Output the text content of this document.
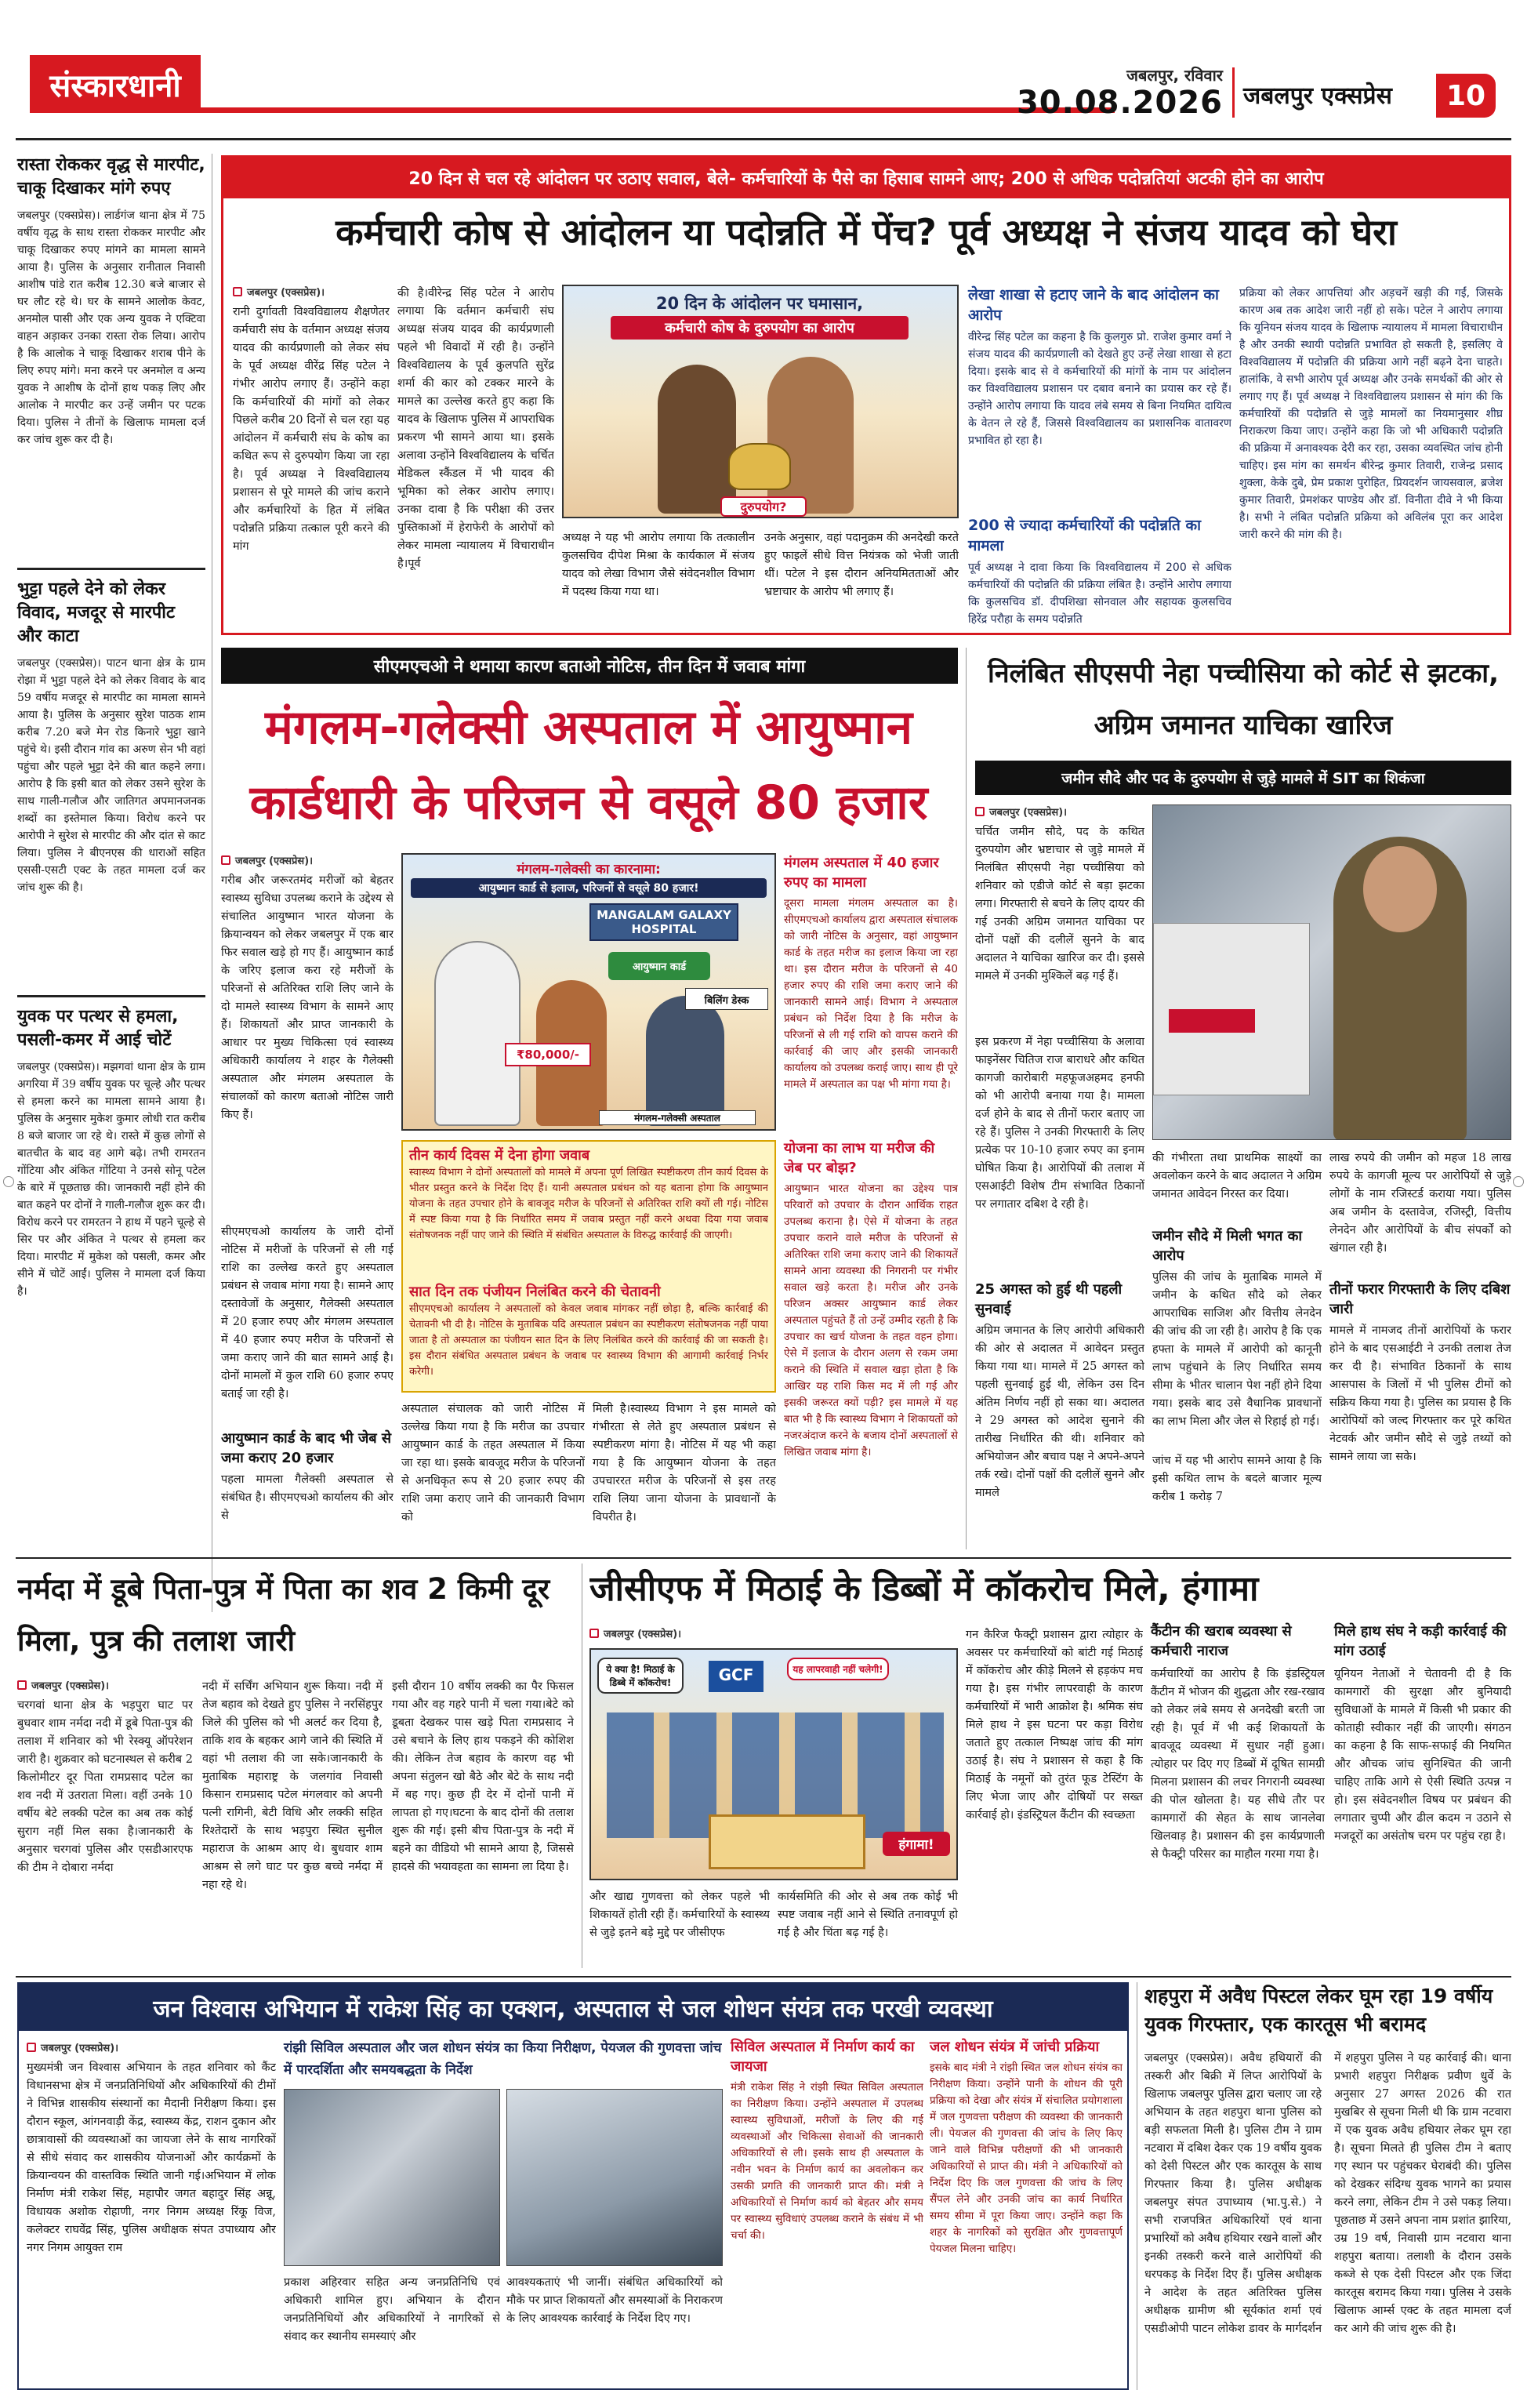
संस्कारधानी	जबलपुर, रविवार
30.08.2026 जबलपुर एक्सप्रेस	10
रास्ता रोककर वृद्ध से मारपीट, चाकू दिखाकर मांगे रुपए
जबलपुर (एक्सप्रेस)। लार्डगंज थाना क्षेत्र में 75 वर्षीय वृद्ध के साथ रास्ता रोककर मारपीट और चाकू दिखाकर रुपए मांगने का मामला सामने आया है। पुलिस के अनुसार रानीताल निवासी आशीष पांडे रात करीब 12.30 बजे बाजार से घर लौट रहे थे। घर के सामने आलोक केवट, अनमोल पासी और एक अन्य युवक ने एक्टिवा वाहन अड़ाकर उनका रास्ता रोक लिया। आरोप है कि आलोक ने चाकू दिखाकर शराब पीने के लिए रुपए मांगे। मना करने पर अनमोल व अन्य युवक ने आशीष के दोनों हाथ पकड़ लिए और आलोक ने मारपीट कर उन्हें जमीन पर पटक दिया। पुलिस ने तीनों के खिलाफ मामला दर्ज कर जांच शुरू कर दी है।
भुट्टा पहले देने को लेकर विवाद, मजदूर से मारपीट और काटा
जबलपुर (एक्सप्रेस)। पाटन थाना क्षेत्र के ग्राम रोझा में भुट्टा पहले देने को लेकर विवाद के बाद 59 वर्षीय मजदूर से मारपीट का मामला सामने आया है। पुलिस के अनुसार सुरेश पाठक शाम करीब 7.20 बजे मेन रोड किनारे भुट्टा खाने पहुंचे थे। इसी दौरान गांव का अरुण सेन भी वहां पहुंचा और पहले भुट्टा देने की बात कहने लगा। आरोप है कि इसी बात को लेकर उसने सुरेश के साथ गाली-गलौज और जातिगत अपमानजनक शब्दों का इस्तेमाल किया। विरोध करने पर आरोपी ने सुरेश से मारपीट की और दांत से काट लिया। पुलिस ने बीएनएस की धाराओं सहित एससी-एसटी एक्ट के तहत मामला दर्ज कर जांच शुरू की है।
युवक पर पत्थर से हमला, पसली-कमर में आई चोटें
जबलपुर (एक्सप्रेस)। मझगवां थाना क्षेत्र के ग्राम अगरिया में 39 वर्षीय युवक पर चूल्हे और पत्थर से हमला करने का मामला सामने आया है। पुलिस के अनुसार मुकेश कुमार लोधी रात करीब 8 बजे बाजार जा रहे थे। रास्ते में कुछ लोगों से बातचीत के बाद वह आगे बढ़े। तभी रामरतन गोंटिया और अंकित गोंटिया ने उनसे सोनू पटेल के बारे में पूछताछ की। जानकारी नहीं होने की बात कहने पर दोनों ने गाली-गलौज शुरू कर दी। विरोध करने पर रामरतन ने हाथ में पहने चूल्हे से सिर पर और अंकित ने पत्थर से हमला कर दिया। मारपीट में मुकेश को पसली, कमर और सीने में चोटें आईं। पुलिस ने मामला दर्ज किया है।
20 दिन से चल रहे आंदोलन पर उठाए सवाल, बेले- कर्मचारियों के पैसे का हिसाब सामने आए; 200 से अधिक पदोन्नतियां अटकी होने का आरोप
कर्मचारी कोष से आंदोलन या पदोन्नति में पेंच? पूर्व अध्यक्ष ने संजय यादव को घेरा
जबलपुर (एक्सप्रेस)।
रानी दुर्गावती विश्वविद्यालय शैक्षणेतर कर्मचारी संघ के वर्तमान अध्यक्ष संजय यादव की कार्यप्रणाली को लेकर संघ के पूर्व अध्यक्ष वीरेंद्र सिंह पटेल ने गंभीर आरोप लगाए हैं। उन्होंने कहा कि कर्मचारियों की मांगों को लेकर पिछले करीब 20 दिनों से चल रहा यह आंदोलन में कर्मचारी संघ के कोष का कथित रूप से दुरुपयोग किया जा रहा है। पूर्व अध्यक्ष ने विश्वविद्यालय प्रशासन से पूरे मामले की जांच कराने और कर्मचारियों के हित में लंबित पदोन्नति प्रक्रिया तत्काल पूरी करने की मांग
की है।वीरेन्द्र सिंह पटेल ने आरोप लगाया कि वर्तमान कर्मचारी संघ अध्यक्ष संजय यादव की कार्यप्रणाली पहले भी विवादों में रही है। उन्होंने विश्वविद्यालय के पूर्व कुलपति सुरेंद्र शर्मा की कार को टक्कर मारने के मामले का उल्लेख करते हुए कहा कि यादव के खिलाफ पुलिस में आपराधिक प्रकरण भी सामने आया था। इसके अलावा उन्होंने विश्वविद्यालय के चर्चित मेडिकल स्कैंडल में भी यादव की भूमिका को लेकर आरोप लगाए। उनका दावा है कि परीक्षा की उत्तर पुस्तिकाओं में हेराफेरी के आरोपों को लेकर मामला न्यायालय में विचाराधीन है।पूर्व
20 दिन के आंदोलन पर घमासान,
कर्मचारी कोष के दुरुपयोग का आरोप
दुरुपयोग?
अध्यक्ष ने यह भी आरोप लगाया कि तत्कालीन कुलसचिव दीपेश मिश्रा के कार्यकाल में संजय यादव को लेखा विभाग जैसे संवेदनशील विभाग में पदस्थ किया गया था।
उनके अनुसार, वहां पदानुक्रम की अनदेखी करते हुए फाइलें सीधे वित्त नियंत्रक को भेजी जाती थीं। पटेल ने इस दौरान अनियमितताओं और भ्रष्टाचार के आरोप भी लगाए हैं।
लेखा शाखा से हटाए जाने के बाद आंदोलन का आरोप
वीरेन्द्र सिंह पटेल का कहना है कि कुलगुरु प्रो. राजेश कुमार वर्मा ने संजय यादव की कार्यप्रणाली को देखते हुए उन्हें लेखा शाखा से हटा दिया। इसके बाद से वे कर्मचारियों की मांगों के नाम पर आंदोलन कर विश्वविद्यालय प्रशासन पर दबाव बनाने का प्रयास कर रहे हैं। उन्होंने आरोप लगाया कि यादव लंबे समय से बिना नियमित दायित्व के वेतन ले रहे हैं, जिससे विश्वविद्यालय का प्रशासनिक वातावरण प्रभावित हो रहा है।
200 से ज्यादा कर्मचारियों की पदोन्नति का मामला
पूर्व अध्यक्ष ने दावा किया कि विश्वविद्यालय में 200 से अधिक कर्मचारियों की पदोन्नति की प्रक्रिया लंबित है। उन्होंने आरोप लगाया कि कुलसचिव डॉ. दीपशिखा सोनवाल और सहायक कुलसचिव हिरेंद्र परौहा के समय पदोन्नति
प्रक्रिया को लेकर आपत्तियां और अड़चनें खड़ी की गईं, जिसके कारण अब तक आदेश जारी नहीं हो सके। पटेल ने आरोप लगाया कि यूनियन संजय यादव के खिलाफ न्यायालय में मामला विचाराधीन है और उनकी स्थायी पदोन्नति प्रभावित हो सकती है, इसलिए वे विश्वविद्यालय में पदोन्नति की प्रक्रिया आगे नहीं बढ़ने देना चाहते। हालांकि, वे सभी आरोप पूर्व अध्यक्ष और उनके समर्थकों की ओर से लगाए गए हैं। पूर्व अध्यक्ष ने विश्वविद्यालय प्रशासन से मांग की कि कर्मचारियों की पदोन्नति से जुड़े मामलों का नियमानुसार शीघ्र निराकरण किया जाए। उन्होंने कहा कि जो भी अधिकारी पदोन्नति की प्रक्रिया में अनावश्यक देरी कर रहा, उसका व्यवस्थित जांच होनी चाहिए। इस मांग का समर्थन बीरेन्द्र कुमार तिवारी, राजेन्द्र प्रसाद शुक्ला, केके दुबे, प्रेम प्रकाश पुरोहित, प्रियदर्शन जायसवाल, ब्रजेश कुमार तिवारी, प्रेमशंकर पाण्डेय और डॉ. विनीता दीवे ने भी किया है। सभी ने लंबित पदोन्नति प्रक्रिया को अविलंब पूरा कर आदेश जारी करने की मांग की है।
सीएमएचओ ने थमाया कारण बताओ नोटिस, तीन दिन में जवाब मांगा
मंगलम-गलेक्सी अस्पताल में आयुष्मान कार्डधारी के परिजन से वसूले 80 हजार
जबलपुर (एक्सप्रेस)।
गरीब और जरूरतमंद मरीजों को बेहतर स्वास्थ्य सुविधा उपलब्ध कराने के उद्देश्य से संचालित आयुष्मान भारत योजना के क्रियान्वयन को लेकर जबलपुर में एक बार फिर सवाल खड़े हो गए हैं। आयुष्मान कार्ड के जरिए इलाज करा रहे मरीजों के परिजनों से अतिरिक्त राशि लिए जाने के दो मामले स्वास्थ्य विभाग के सामने आए हैं। शिकायतों और प्राप्त जानकारी के आधार पर मुख्य चिकित्सा एवं स्वास्थ्य अधिकारी कार्यालय ने शहर के गैलेक्सी अस्पताल और मंगलम अस्पताल के संचालकों को कारण बताओ नोटिस जारी किए हैं।
सीएमएचओ कार्यालय के जारी दोनों नोटिस में मरीजों के परिजनों से ली गई राशि का उल्लेख करते हुए अस्पताल प्रबंधन से जवाब मांगा गया है। सामने आए दस्तावेजों के अनुसार, गैलेक्सी अस्पताल में 20 हजार रुपए और मंगलम अस्पताल में 40 हजार रुपए मरीज के परिजनों से जमा कराए जाने की बात सामने आई है। दोनों मामलों में कुल राशि 60 हजार रुपए बताई जा रही है।
आयुष्मान कार्ड के बाद भी जेब से जमा कराए 20 हजार
पहला मामला गैलेक्सी अस्पताल से संबंधित है। सीएमएचओ कार्यालय की ओर से
मंगलम-गलेक्सी का कारनामा:
आयुष्मान कार्ड से इलाज, परिजनों से वसूले 80 हजार!
MANGALAM GALAXY HOSPITAL
आयुष्मान कार्ड
₹80,000/-
बिलिंग डेस्क
मंगलम-गलेक्सी अस्पताल
तीन कार्य दिवस में देना होगा जवाब
स्वास्थ्य विभाग ने दोनों अस्पतालों को मामले में अपना पूर्ण लिखित स्पष्टीकरण तीन कार्य दिवस के भीतर प्रस्तुत करने के निर्देश दिए हैं। यानी अस्पताल प्रबंधन को यह बताना होगा कि आयुष्मान योजना के तहत उपचार होने के बावजूद मरीज के परिजनों से अतिरिक्त राशि क्यों ली गई। नोटिस में स्पष्ट किया गया है कि निर्धारित समय में जवाब प्रस्तुत नहीं करने अथवा दिया गया जवाब संतोषजनक नहीं पाए जाने की स्थिति में संबंधित अस्पताल के विरुद्ध कार्रवाई की जाएगी।
सात दिन तक पंजीयन निलंबित करने की चेतावनी
सीएमएचओ कार्यालय ने अस्पतालों को केवल जवाब मांगकर नहीं छोड़ा है, बल्कि कार्रवाई की चेतावनी भी दी है। नोटिस के मुताबिक यदि अस्पताल प्रबंधन का स्पष्टीकरण संतोषजनक नहीं पाया जाता है तो अस्पताल का पंजीयन सात दिन के लिए निलंबित करने की कार्रवाई की जा सकती है। इस दौरान संबंधित अस्पताल प्रबंधन के जवाब पर स्वास्थ्य विभाग की आगामी कार्रवाई निर्भर करेगी।
अस्पताल संचालक को जारी नोटिस में उल्लेख किया गया है कि मरीज का उपचार आयुष्मान कार्ड के तहत अस्पताल में किया जा रहा था। इसके बावजूद मरीज के परिजनों से अनधिकृत रूप से 20 हजार रुपए की राशि जमा कराए जाने की जानकारी विभाग को
मिली है।स्वास्थ्य विभाग ने इस मामले को गंभीरता से लेते हुए अस्पताल प्रबंधन से स्पष्टीकरण मांगा है। नोटिस में यह भी कहा गया है कि आयुष्मान योजना के तहत उपचाररत मरीज के परिजनों से इस तरह राशि लिया जाना योजना के प्रावधानों के विपरीत है।
मंगलम अस्पताल में 40 हजार रुपए का मामला
दूसरा मामला मंगलम अस्पताल का है। सीएमएचओ कार्यालय द्वारा अस्पताल संचालक को जारी नोटिस के अनुसार, वहां आयुष्मान कार्ड के तहत मरीज का इलाज किया जा रहा था। इस दौरान मरीज के परिजनों से 40 हजार रुपए की राशि जमा कराए जाने की जानकारी सामने आई। विभाग ने अस्पताल प्रबंधन को निर्देश दिया है कि मरीज के परिजनों से ली गई राशि को वापस कराने की कार्रवाई की जाए और इसकी जानकारी कार्यालय को उपलब्ध कराई जाए। साथ ही पूरे मामले में अस्पताल का पक्ष भी मांगा गया है।
योजना का लाभ या मरीज की जेब पर बोझ?
आयुष्मान भारत योजना का उद्देश्य पात्र परिवारों को उपचार के दौरान आर्थिक राहत उपलब्ध कराना है। ऐसे में योजना के तहत उपचार कराने वाले मरीज के परिजनों से अतिरिक्त राशि जमा कराए जाने की शिकायतें सामने आना व्यवस्था की निगरानी पर गंभीर सवाल खड़े करता है। मरीज और उनके परिजन अक्सर आयुष्मान कार्ड लेकर अस्पताल पहुंचते हैं तो उन्हें उम्मीद रहती है कि उपचार का खर्च योजना के तहत वहन होगा। ऐसे में इलाज के दौरान अलग से रकम जमा कराने की स्थिति में सवाल खड़ा होता है कि आखिर यह राशि किस मद में ली गई और इसकी जरूरत क्यों पड़ी? इस मामले में यह बात भी है कि स्वास्थ्य विभाग ने शिकायतों को नजरअंदाज करने के बजाय दोनों अस्पतालों से लिखित जवाब मांगा है।
निलंबित सीएसपी नेहा पच्चीसिया को कोर्ट से झटका, अग्रिम जमानत याचिका खारिज
जमीन सौदे और पद के दुरुपयोग से जुड़े मामले में SIT का शिकंजा
जबलपुर (एक्सप्रेस)।
चर्चित जमीन सौदे, पद के कथित दुरुपयोग और भ्रष्टाचार से जुड़े मामले में निलंबित सीएसपी नेहा पच्चीसिया को शनिवार को एडीजे कोर्ट से बड़ा झटका लगा। गिरफ्तारी से बचने के लिए दायर की गई उनकी अग्रिम जमानत याचिका पर दोनों पक्षों की दलीलें सुनने के बाद अदालत ने याचिका खारिज कर दी। इससे मामले में उनकी मुश्किलें बढ़ गई हैं।
इस प्रकरण में नेहा पच्चीसिया के अलावा फाइनेंसर चितिज राज बाराधरे और कथित कागजी कारोबारी महफूजअहमद हनफी को भी आरोपी बनाया गया है। मामला दर्ज होने के बाद से तीनों फरार बताए जा रहे हैं। पुलिस ने उनकी गिरफ्तारी के लिए प्रत्येक पर 10-10 हजार रुपए का इनाम घोषित किया है। आरोपियों की तलाश में एसआईटी विशेष टीम संभावित ठिकानों पर लगातार दबिश दे रही है।
25 अगस्त को हुई थी पहली सुनवाई
अग्रिम जमानत के लिए आरोपी अधिकारी की ओर से अदालत में आवेदन प्रस्तुत किया गया था। मामले में 25 अगस्त को पहली सुनवाई हुई थी, लेकिन उस दिन अंतिम निर्णय नहीं हो सका था। अदालत ने 29 अगस्त को आदेश सुनाने की तारीख निर्धारित की थी। शनिवार को अभियोजन और बचाव पक्ष ने अपने-अपने तर्क रखे। दोनों पक्षों की दलीलें सुनने और मामले
की गंभीरता तथा प्राथमिक साक्ष्यों का अवलोकन करने के बाद अदालत ने अग्रिम जमानत आवेदन निरस्त कर दिया।
जमीन सौदे में मिली भगत का आरोप
पुलिस की जांच के मुताबिक मामले में जमीन के कथित सौदे को लेकर आपराधिक साजिश और वित्तीय लेनदेन की जांच की जा रही है। आरोप है कि एक हफ्ता के मामले में आरोपी को कानूनी लाभ पहुंचाने के लिए निर्धारित समय सीमा के भीतर चालान पेश नहीं होने दिया गया। इसके बाद उसे वैधानिक प्रावधानों का लाभ मिला और जेल से रिहाई हो गई।
जांच में यह भी आरोप सामने आया है कि इसी कथित लाभ के बदले बाजार मूल्य करीब 1 करोड़ 7
लाख रुपये की जमीन को महज 18 लाख रुपये के कागजी मूल्य पर आरोपियों से जुड़े लोगों के नाम रजिस्टर्ड कराया गया। पुलिस अब जमीन के दस्तावेज, रजिस्ट्री, वित्तीय लेनदेन और आरोपियों के बीच संपर्कों को खंगाल रही है।
तीनों फरार गिरफ्तारी के लिए दबिश जारी
मामले में नामजद तीनों आरोपियों के फरार होने के बाद एसआईटी ने उनकी तलाश तेज कर दी है। संभावित ठिकानों के साथ आसपास के जिलों में भी पुलिस टीमों को सक्रिय किया गया है। पुलिस का प्रयास है कि आरोपियों को जल्द गिरफ्तार कर पूरे कथित नेटवर्क और जमीन सौदे से जुड़े तथ्यों को सामने लाया जा सके।
नर्मदा में डूबे पिता-पुत्र में पिता का शव 2 किमी दूर मिला, पुत्र की तलाश जारी
जबलपुर (एक्सप्रेस)।
चरगवां थाना क्षेत्र के भड़पुरा घाट पर बुधवार शाम नर्मदा नदी में डूबे पिता-पुत्र की तलाश में शनिवार को भी रेस्क्यू ऑपरेशन जारी है। शुक्रवार को घटनास्थल से करीब 2 किलोमीटर दूर पिता रामप्रसाद पटेल का शव नदी में उतराता मिला। वहीं उनके 10 वर्षीय बेटे लक्की पटेल का अब तक कोई सुराग नहीं मिल सका है।जानकारी के अनुसार चरगवां पुलिस और एसडीआरएफ की टीम ने दोबारा नर्मदा
नदी में सर्चिंग अभियान शुरू किया। नदी में तेज बहाव को देखते हुए पुलिस ने नरसिंहपुर जिले की पुलिस को भी अलर्ट कर दिया है, ताकि शव के बहकर आगे जाने की स्थिति में वहां भी तलाश की जा सके।जानकारी के मुताबिक महाराष्ट्र के जलगांव निवासी किसान रामप्रसाद पटेल मंगलवार को अपनी पत्नी रागिनी, बेटी विधि और लक्की सहित रिश्तेदारों के साथ भड़पुरा स्थित सुनील महाराज के आश्रम आए थे। बुधवार शाम आश्रम से लगे घाट पर कुछ बच्चे नर्मदा में नहा रहे थे।
इसी दौरान 10 वर्षीय लक्की का पैर फिसल गया और वह गहरे पानी में चला गया।बेटे को डूबता देखकर पास खड़े पिता रामप्रसाद ने उसे बचाने के लिए हाथ पकड़ने की कोशिश की। लेकिन तेज बहाव के कारण वह भी अपना संतुलन खो बैठे और बेटे के साथ नदी में बह गए। कुछ ही देर में दोनों पानी में लापता हो गए।घटना के बाद दोनों की तलाश शुरू की गई। इसी बीच पिता-पुत्र के नदी में बहने का वीडियो भी सामने आया है, जिससे हादसे की भयावहता का सामना ला दिया है।
जीसीएफ में मिठाई के डिब्बों में कॉकरोच मिले, हंगामा
जबलपुर (एक्सप्रेस)।
ये क्या है! मिठाई के डिब्बे में कॉकरोच!	GCF	यह लापरवाही नहीं चलेगी!
हंगामा!
गन कैरिज फैक्ट्री प्रशासन द्वारा त्योहार के अवसर पर कर्मचारियों को बांटी गई मिठाई में कॉकरोच और कीड़े मिलने से हड़कंप मच गया है। इस गंभीर लापरवाही के कारण कर्मचारियों में भारी आक्रोश है। श्रमिक संघ मिले हाथ ने इस घटना पर कड़ा विरोध जताते हुए तत्काल निष्पक्ष जांच की मांग उठाई है। संघ ने प्रशासन से कहा है कि मिठाई के नमूनों को तुरंत फूड टेस्टिंग के लिए भेजा जाए और दोषियों पर सख्त कार्रवाई हो। इंडस्ट्रियल कैंटीन की स्वच्छता
और खाद्य गुणवत्ता को लेकर पहले भी शिकायतें होती रही हैं। कर्मचारियों के स्वास्थ्य से जुड़े इतने बड़े मुद्दे पर जीसीएफ
कार्यसमिति की ओर से अब तक कोई भी स्पष्ट जवाब नहीं आने से स्थिति तनावपूर्ण हो गई है और चिंता बढ़ गई है।
कैंटीन की खराब व्यवस्था से कर्मचारी नाराज
कर्मचारियों का आरोप है कि इंडस्ट्रियल कैंटीन में भोजन की शुद्धता और रख-रखाव को लेकर लंबे समय से अनदेखी बरती जा रही है। पूर्व में भी कई शिकायतों के बावजूद व्यवस्था में सुधार नहीं हुआ। त्योहार पर दिए गए डिब्बों में दूषित सामग्री मिलना प्रशासन की लचर निगरानी व्यवस्था की पोल खोलता है। यह सीधे तौर पर कामगारों की सेहत के साथ जानलेवा खिलवाड़ है। प्रशासन की इस कार्यप्रणाली से फैक्ट्री परिसर का माहौल गरमा गया है।
मिले हाथ संघ ने कड़ी कार्रवाई की मांग उठाई
यूनियन नेताओं ने चेतावनी दी है कि कामगारों की सुरक्षा और बुनियादी सुविधाओं के मामले में किसी भी प्रकार की कोताही स्वीकार नहीं की जाएगी। संगठन का कहना है कि साफ-सफाई की नियमित और औचक जांच सुनिश्चित की जानी चाहिए ताकि आगे से ऐसी स्थिति उत्पन्न न हो। इस संवेदनशील विषय पर प्रबंधन की लगातार चुप्पी और ढील कदम न उठाने से मजदूरों का असंतोष चरम पर पहुंच रहा है।
जन विश्वास अभियान में राकेश सिंह का एक्शन, अस्पताल से जल शोधन संयंत्र तक परखी व्यवस्था
जबलपुर (एक्सप्रेस)।
मुख्यमंत्री जन विश्वास अभियान के तहत शनिवार को कैंट विधानसभा क्षेत्र में जनप्रतिनिधियों और अधिकारियों की टीमों ने विभिन्न शासकीय संस्थानों का मैदानी निरीक्षण किया। इस दौरान स्कूल, आंगनवाड़ी केंद्र, स्वास्थ्य केंद्र, राशन दुकान और छात्रावासों की व्यवस्थाओं का जायजा लेने के साथ नागरिकों से सीधे संवाद कर शासकीय योजनाओं और कार्यक्रमों के क्रियान्वयन की वास्तविक स्थिति जानी गई।अभियान में लोक निर्माण मंत्री राकेश सिंह, महापौर जगत बहादुर सिंह अन्नू, विधायक अशोक रोहाणी, नगर निगम अध्यक्ष रिंकू विज, कलेक्टर राघवेंद्र सिंह, पुलिस अधीक्षक संपत उपाध्याय और नगर निगम आयुक्त राम
रांझी सिविल अस्पताल और जल शोधन संयंत्र का किया निरीक्षण, पेयजल की गुणवत्ता जांच में पारदर्शिता और समयबद्धता के निर्देश
प्रकाश अहिरवार सहित अन्य जनप्रतिनिधि एवं अधिकारी शामिल हुए। अभियान के दौरान जनप्रतिनिधियों और अधिकारियों ने नागरिकों से संवाद कर स्थानीय समस्याएं और
आवश्यकताएं भी जानीं। संबंधित अधिकारियों को मौके पर प्राप्त शिकायतों और समस्याओं के निराकरण के लिए आवश्यक कार्रवाई के निर्देश दिए गए।
सिविल अस्पताल में निर्माण कार्य का जायजा
मंत्री राकेश सिंह ने रांझी स्थित सिविल अस्पताल का निरीक्षण किया। उन्होंने अस्पताल में उपलब्ध स्वास्थ्य सुविधाओं, मरीजों के लिए की गई व्यवस्थाओं और चिकित्सा सेवाओं की जानकारी अधिकारियों से ली। इसके साथ ही अस्पताल के नवीन भवन के निर्माण कार्य का अवलोकन कर उसकी प्रगति की जानकारी प्राप्त की। मंत्री ने अधिकारियों से निर्माण कार्य को बेहतर और समय पर स्वास्थ्य सुविधाएं उपलब्ध कराने के संबंध में भी चर्चा की।
जल शोधन संयंत्र में जांची प्रक्रिया
इसके बाद मंत्री ने रांझी स्थित जल शोधन संयंत्र का निरीक्षण किया। उन्होंने पानी के शोधन की पूरी प्रक्रिया को देखा और संयंत्र में संचालित प्रयोगशाला में जल गुणवत्ता परीक्षण की व्यवस्था की जानकारी ली। पेयजल की गुणवत्ता की जांच के लिए किए जाने वाले विभिन्न परीक्षणों की भी जानकारी अधिकारियों से प्राप्त की। मंत्री ने अधिकारियों को निर्देश दिए कि जल गुणवत्ता की जांच के लिए सैंपल लेने और उनकी जांच का कार्य निर्धारित समय सीमा में पूरा किया जाए। उन्होंने कहा कि शहर के नागरिकों को सुरक्षित और गुणवत्तापूर्ण पेयजल मिलना चाहिए।
शहपुरा में अवैध पिस्टल लेकर घूम रहा 19 वर्षीय युवक गिरफ्तार, एक कारतूस भी बरामद
जबलपुर (एक्सप्रेस)। अवैध हथियारों की तस्करी और बिक्री में लिप्त आरोपियों के खिलाफ जबलपुर पुलिस द्वारा चलाए जा रहे अभियान के तहत शहपुरा थाना पुलिस को बड़ी सफलता मिली है। पुलिस टीम ने ग्राम नटवारा में दबिश देकर एक 19 वर्षीय युवक को देसी पिस्टल और एक कारतूस के साथ गिरफ्तार किया है। पुलिस अधीक्षक जबलपुर संपत उपाध्याय (भा.पु.से.) ने सभी राजपत्रित अधिकारियों एवं थाना प्रभारियों को अवैध हथियार रखने वालों और इनकी तस्करी करने वाले आरोपियों की धरपकड़ के निर्देश दिए हैं। पुलिस अधीक्षक ने आदेश के तहत अतिरिक्त पुलिस अधीक्षक ग्रामीण श्री सूर्यकांत शर्मा एवं एसडीओपी पाटन लोकेश डावर के मार्गदर्शन में शहपुरा पुलिस ने यह कार्रवाई की। थाना प्रभारी शहपुरा निरीक्षक प्रवीण धुर्वे के अनुसार 27 अगस्त 2026 की रात मुखबिर से सूचना मिली थी कि ग्राम नटवारा में एक युवक अवैध हथियार लेकर घूम रहा है। सूचना मिलते ही पुलिस टीम ने बताए गए स्थान पर पहुंचकर घेराबंदी की। पुलिस को देखकर संदिग्ध युवक भागने का प्रयास करने लगा, लेकिन टीम ने उसे पकड़ लिया। पूछताछ में उसने अपना नाम प्रशांत झारिया, उम्र 19 वर्ष, निवासी ग्राम नटवारा थाना शहपुरा बताया। तलाशी के दौरान उसके कब्जे से एक देसी पिस्टल और एक जिंदा कारतूस बरामद किया गया। पुलिस ने उसके खिलाफ आर्म्स एक्ट के तहत मामला दर्ज कर आगे की जांच शुरू की है।
